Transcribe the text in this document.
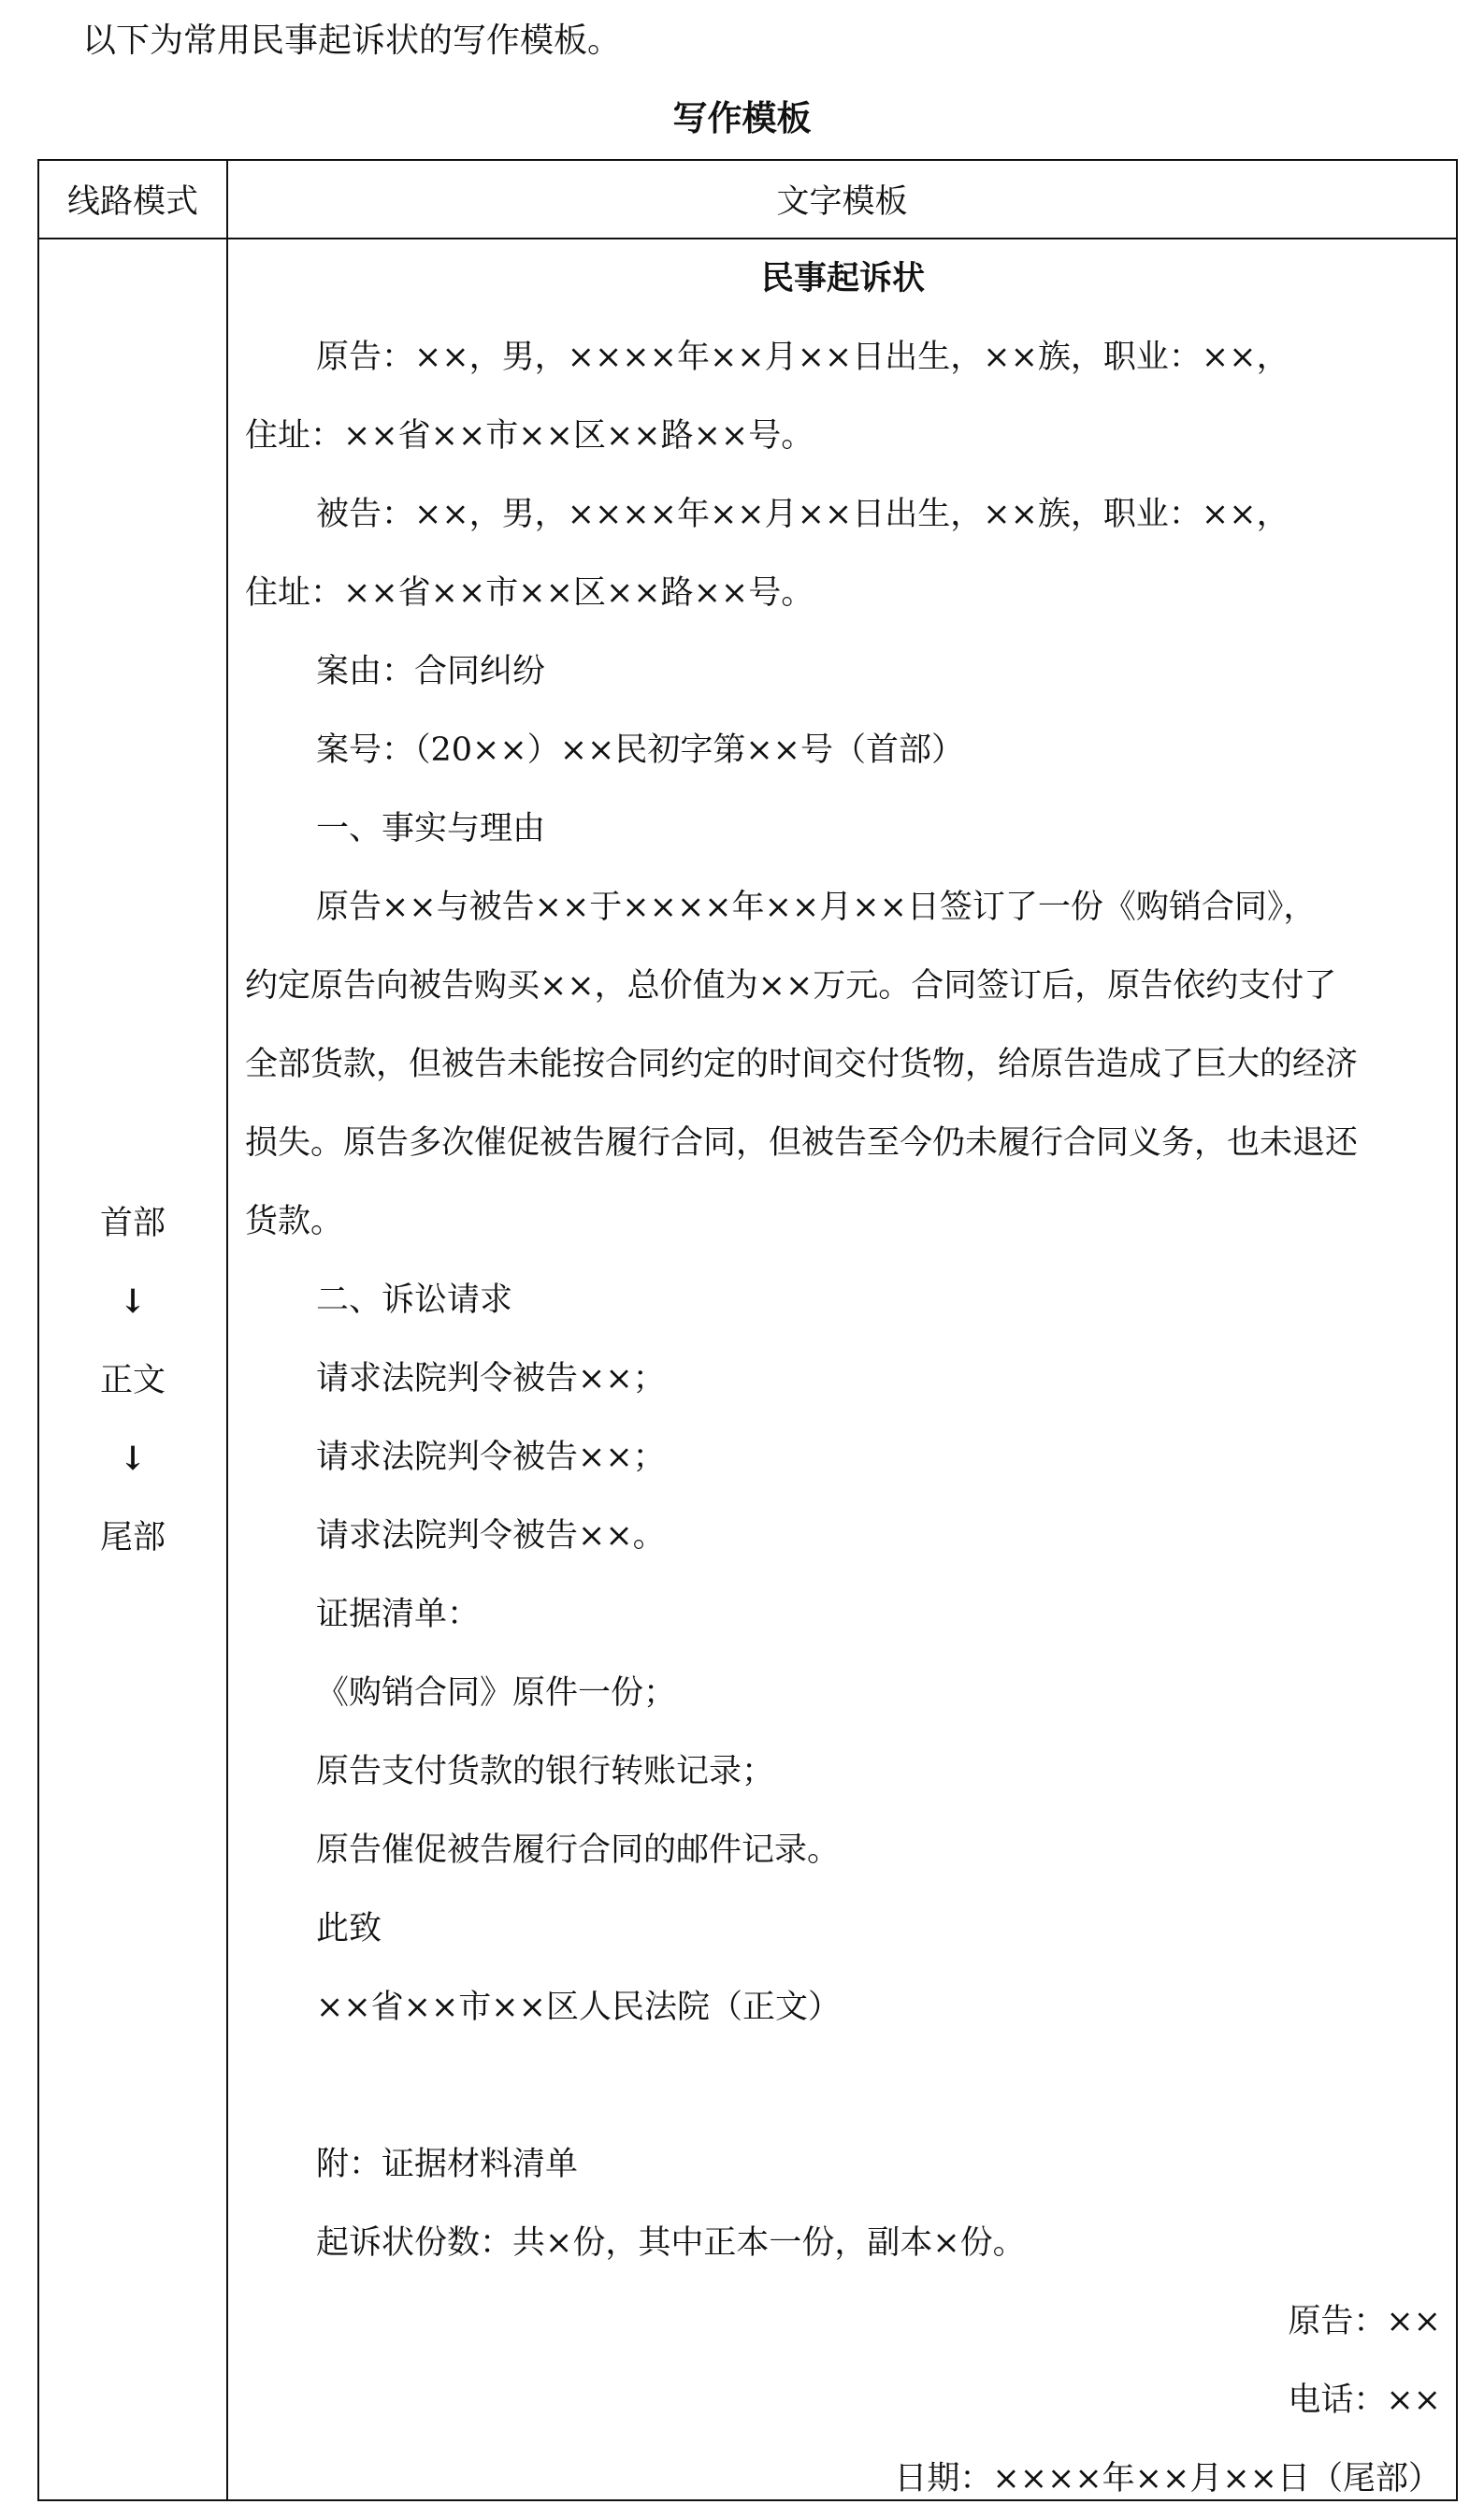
以下为常用民事起诉状的写作模板。
写作模板
线路模式	文字模板
首部
↓
正文
↓
尾部
民事起诉状
原告：××，男，××××年××月××日出生，××族，职业：××，
住址：××省××市××区××路××号。
被告：××，男，××××年××月××日出生，××族，职业：××，
住址：××省××市××区××路××号。
案由：合同纠纷
案号：（20××）××民初字第××号（首部）
一、事实与理由
原告××与被告××于××××年××月××日签订了一份《购销合同》，
约定原告向被告购买××，总价值为××万元。合同签订后，原告依约支付了
全部货款，但被告未能按合同约定的时间交付货物，给原告造成了巨大的经济
损失。原告多次催促被告履行合同，但被告至今仍未履行合同义务，也未退还
货款。
二、诉讼请求
请求法院判令被告××；
请求法院判令被告××；
请求法院判令被告××。
证据清单：
《购销合同》原件一份；
原告支付货款的银行转账记录；
原告催促被告履行合同的邮件记录。
此致
××省××市××区人民法院（正文）
附：证据材料清单
起诉状份数：共×份，其中正本一份，副本×份。
原告：××
电话：××
日期：××××年××月××日（尾部）
